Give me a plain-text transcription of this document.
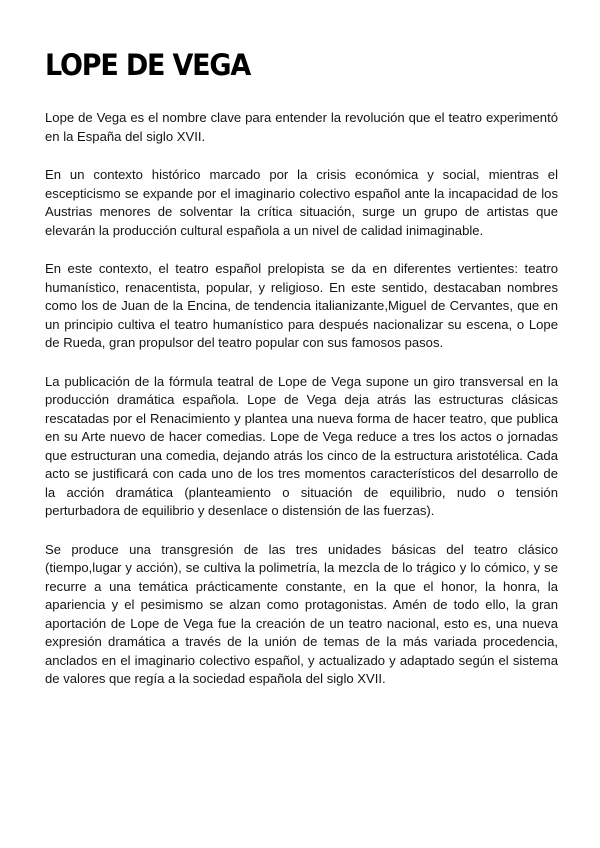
LOPE DE VEGA

Lope de Vega es el nombre clave para entender la revolución que el teatro experimentó en la España del siglo XVII.

En un contexto histórico marcado por la crisis económica y social, mientras el escepticismo se expande por el imaginario colectivo español ante la incapacidad de los Austrias menores de solventar la crítica situación, surge un grupo de artistas que elevarán la producción cultural española a un nivel de calidad inimaginable.

En este contexto, el teatro español prelopista se da en diferentes vertientes: teatro humanístico, renacentista, popular, y religioso. En este sentido, destacaban nombres como los de Juan de la Encina, de tendencia italianizante,Miguel de Cervantes, que en un principio cultiva el teatro humanístico para después nacionalizar su escena, o Lope de Rueda, gran propulsor del teatro popular con sus famosos pasos.

La publicación de la fórmula teatral de Lope de Vega supone un giro transversal en la producción dramática española. Lope de Vega deja atrás las estructuras clásicas rescatadas por el Renacimiento y plantea una nueva forma de hacer teatro, que publica en su Arte nuevo de hacer comedias. Lope de Vega reduce a tres los actos o jornadas que estructuran una comedia, dejando atrás los cinco de la estructura aristotélica. Cada acto se justificará con cada uno de los tres momentos característicos del desarrollo de la acción dramática (planteamiento o situación de equilibrio, nudo o tensión perturbadora de equilibrio y desenlace o distensión de las fuerzas).

Se produce una transgresión de las tres unidades básicas del teatro clásico (tiempo,lugar y acción), se cultiva la polimetría, la mezcla de lo trágico y lo cómico, y se recurre a una temática prácticamente constante, en la que el honor, la honra, la apariencia y el pesimismo se alzan como protagonistas. Amén de todo ello, la gran aportación de Lope de Vega fue la creación de un teatro nacional, esto es, una nueva expresión dramática a través de la unión de temas de la más variada procedencia, anclados en el imaginario colectivo español, y actualizado y adaptado según el sistema de valores que regía a la sociedad española del siglo XVII.
